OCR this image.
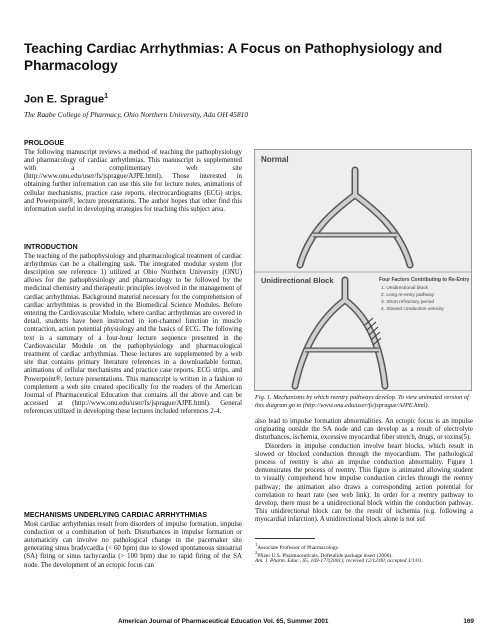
Teaching Cardiac Arrhythmias: A Focus on Pathophysiology and Pharmacology
Jon E. Sprague$^1$
The Raabe College of Pharmacy, Ohio Northern University, Ada OH 45810
PROLOGUE

The following manuscript reviews a method of teaching the pathophysiology and pharmacology of cardiac arrhythmias. This manuscript is supplemented with a complimentary web site (http://www.onu.edu/user/fs/jsprague/AJPE.html). Those interested in obtaining further information can use this site for lecture notes, animations of cellular mechanisms, practice case reports, electrocardiograms (ECG) strips, and Powerpoint®, lecture presentations. The author hopes that other find this information useful in developing strategies for teaching this subject area.

INTRODUCTION

The teaching of the pathophysiology and pharmacological treatment of cardiac arrhythmias can be a challenging task. The integrated modular system (for description see reference 1) utilized at Ohio Northern University (ONU) allows for the pathophysiology and pharmacology to be followed by the medicinal chemistry and therapeutic principles involved in the management of cardiac arrhythmias. Background material necessary for the comprehension of cardiac arrhythmias is provided in the Biomedical Science Modules. Before entering the Cardiovascular Module, where cardiac arrhythmias are covered in detail, students have been instructed in ion-channel function in muscle contraction, action potential physiology and the basics of ECG. The following text is a summary of a four-hour lecture sequence presented in the Cardiovascular Module on the pathophysiology and pharmacological treatment of cardiac arrhythmias. These lectures are supplemented by a web site that contains primary literature references in a downloadable format, animations of cellular mechanisms and practice case reports, ECG strips, and Powerpoint®, lecture presentations. This manuscript is written in a fashion to complement a web site created specifically for the readers of the American Journal of Pharmaceutical Education that contains all the above and can be accessed at (http://www.onu.edu/user/fs/jsprague/AJPE.html). General references utilized in developing these lectures included references 2-4.

MECHANISMS UNDERLYING CARDIAC ARRHYTHMIAS

Most cardiac arrhythmias result from disorders of impulse formation, impulse conduction or a combination of both. Disturbances in impulse formation or automaticity can involve no pathological change in the pacemaker site generating sinus bradycardia (< 60 bpm) due to slowed spontaneous sinoatrial (SA) firing or sinus tachycardia (> 100 bpm) due to rapid firing of the SA node. The development of an ectopic focus can

Normal
Unidirectional Block	Four Factors Contributing to Re-Entry
1. Unidirectional block
2. Long re-entry pathway
3. Short refractory period
4. Slowed conduction velocity
Fig. 1. Mechanisms by which reentry pathways develop. To view animated version of this diagram go to (http://www.onu.edu/user/fs/jsprague/AJPE.html).

also lead to impulse formation abnormalities. An ectopic focus is an impulse originating outside the SA node and can develop as a result of electrolyte disturbances, ischemia, excessive myocardial fiber stretch, drugs, or toxins(5).

Disorders in impulse conduction involve heart blocks, which result in slowed or blocked conduction through the myocardium. The pathological process of reentry is also an impulse conduction abnormality. Figure 1 demonstrates the process of reentry. This figure is animated allowing student to visually comprehend how impulse conduction circles through the reentry pathway; the animation also draws a corresponding action potential for correlation to heart rate (see web link). In order for a reentry pathway to develop, there must be a unidirectional block within the conduction pathway. This unidirectional block can be the result of ischemia (e.g. following a myocardial infarction). A unidirectional block alone is not suf

$^1$Associate Professor of Pharmacology.
$^2$Pfizer U.S. Pharmaceuticals, Dofetalide package insert (2000).
Am. J. Pharm. Educ., 65, 169-177(2001); received 12/12/00, accepted 3/1/01.
American Journal of Pharmaceutical Education Vol. 65, Summer 2001	169
